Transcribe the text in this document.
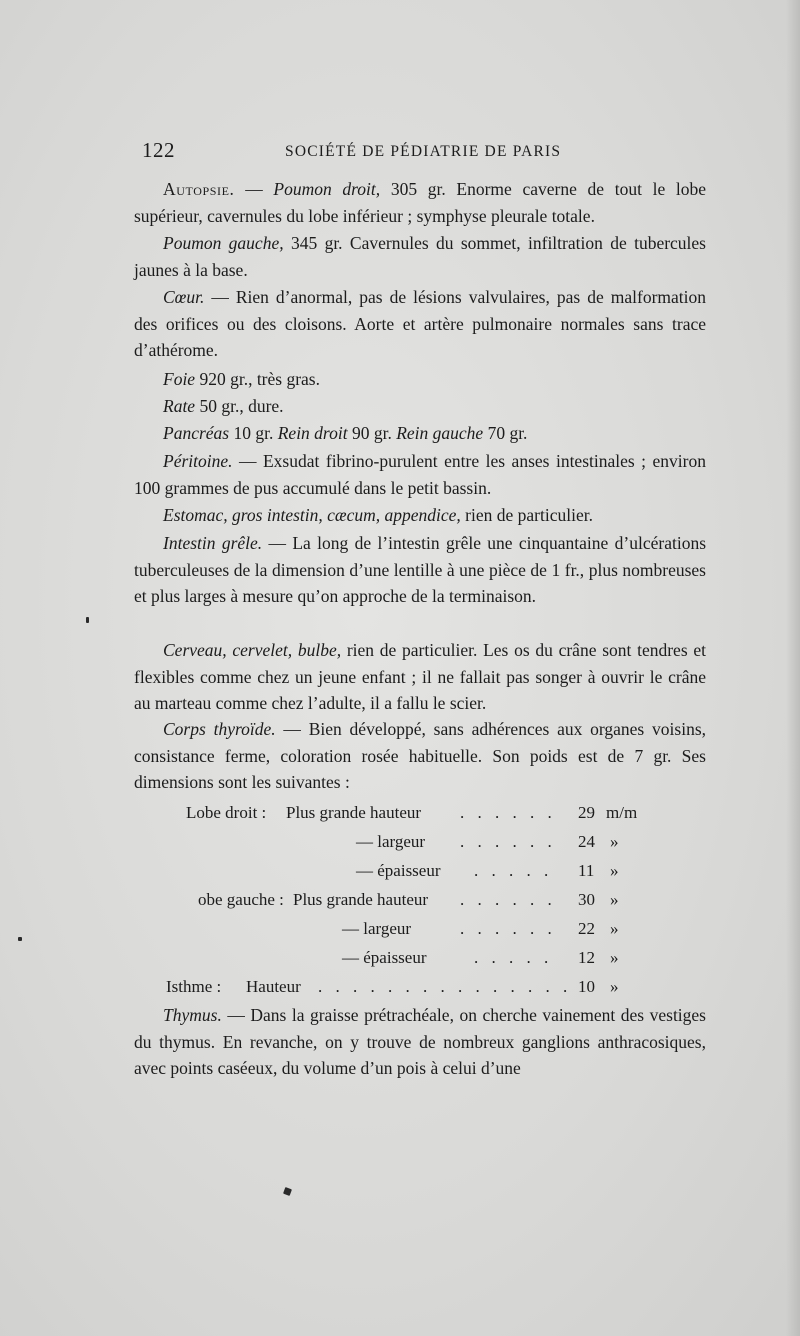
122	SOCIÉTÉ DE PÉDIATRIE DE PARIS

Autopsie. — Poumon droit, 305 gr. Enorme caverne de tout le lobe supérieur, cavernules du lobe inférieur ; symphyse pleurale totale.

Poumon gauche, 345 gr. Cavernules du sommet, infiltration de tubercules jaunes à la base.

Cœur. — Rien d’anormal, pas de lésions valvulaires, pas de malformation des orifices ou des cloisons. Aorte et artère pulmonaire normales sans trace d’athérome.

Foie 920 gr., très gras.

Rate 50 gr., dure.

Pancréas 10 gr. Rein droit 90 gr. Rein gauche 70 gr.

Péritoine. — Exsudat fibrino-purulent entre les anses intestinales ; environ 100 grammes de pus accumulé dans le petit bassin.

Estomac, gros intestin, cæcum, appendice, rien de particulier.

Intestin grêle. — La long de l’intestin grêle une cinquantaine d’ulcérations tuberculeuses de la dimension d’une lentille à une pièce de 1 fr., plus nombreuses et plus larges à mesure qu’on approche de la terminaison.

Cerveau, cervelet, bulbe, rien de particulier. Les os du crâne sont tendres et flexibles comme chez un jeune enfant ; il ne fallait pas songer à ouvrir le crâne au marteau comme chez l’adulte, il a fallu le scier.

Corps thyroïde. — Bien développé, sans adhérences aux organes voisins, consistance ferme, coloration rosée habituelle. Son poids est de 7 gr. Ses dimensions sont les suivantes :

Lobe droit : Plus grande hauteur . . . . . . 29 m/m
— largeur . . . . . . 24 »
— épaisseur . . . . . 11 »
obe gauche : Plus grande hauteur . . . . . . 30 »
— largeur	. . . . . . 22 »
— épaisseur	. . . . . 12 »
Isthme : Hauteur . . . . . . . . . . . . . . . 10 »

Thymus. — Dans la graisse prétrachéale, on cherche vainement des vestiges du thymus. En revanche, on y trouve de nombreux ganglions anthracosiques, avec points caséeux, du volume d’un pois à celui d’une
